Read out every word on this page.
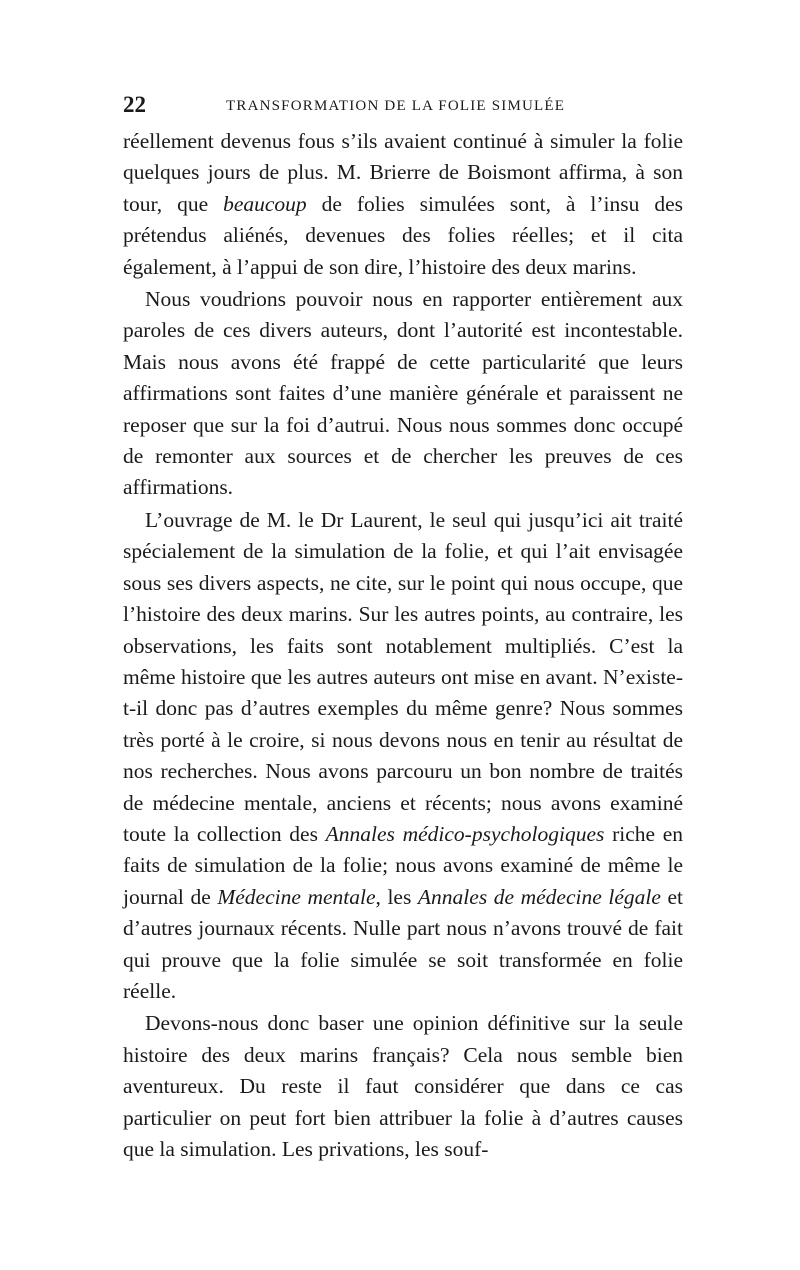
22	TRANSFORMATION DE LA FOLIE SIMULÉE

réellement devenus fous s’ils avaient continué à simuler la folie quelques jours de plus. M. Brierre de Boismont affirma, à son tour, que beaucoup de folies simulées sont, à l’insu des prétendus aliénés, devenues des folies réelles; et il cita également, à l’appui de son dire, l’histoire des deux marins.

Nous voudrions pouvoir nous en rapporter entièrement aux paroles de ces divers auteurs, dont l’autorité est incontestable. Mais nous avons été frappé de cette particularité que leurs affirmations sont faites d’une manière générale et paraissent ne reposer que sur la foi d’autrui. Nous nous sommes donc occupé de remonter aux sources et de chercher les preuves de ces affirmations.

L’ouvrage de M. le Dr Laurent, le seul qui jusqu’ici ait traité spécialement de la simulation de la folie, et qui l’ait envisagée sous ses divers aspects, ne cite, sur le point qui nous occupe, que l’histoire des deux marins. Sur les autres points, au contraire, les observations, les faits sont notablement multipliés. C’est la même histoire que les autres auteurs ont mise en avant. N’existe-t-il donc pas d’autres exemples du même genre? Nous sommes très porté à le croire, si nous devons nous en tenir au résultat de nos recherches. Nous avons parcouru un bon nombre de traités de médecine mentale, anciens et récents; nous avons examiné toute la collection des Annales médico-psychologiques riche en faits de simulation de la folie; nous avons examiné de même le journal de Médecine mentale, les Annales de médecine légale et d’autres journaux récents. Nulle part nous n’avons trouvé de fait qui prouve que la folie simulée se soit transformée en folie réelle.

Devons-nous donc baser une opinion définitive sur la seule histoire des deux marins français? Cela nous semble bien aventureux. Du reste il faut considérer que dans ce cas particulier on peut fort bien attribuer la folie à d’autres causes que la simulation. Les privations, les souf-
